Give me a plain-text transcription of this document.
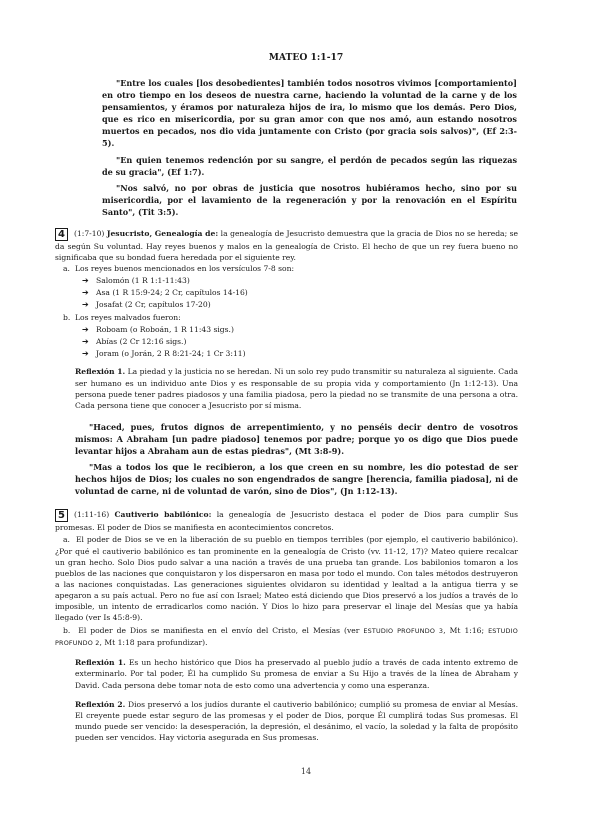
MATEO 1:1-17

"Entre los cuales [los desobedientes] también todos nosotros vivimos [comportamiento] en otro tiempo en los deseos de nuestra carne, haciendo la voluntad de la carne y de los pensamientos, y éramos por naturaleza hijos de ira, lo mismo que los demás. Pero Dios, que es rico en misericordia, por su gran amor con que nos amó, aun estando nosotros muertos en pecados, nos dio vida juntamente con Cristo (por gracia sois salvos)", (Ef 2:3-5).

"En quien tenemos redención por su sangre, el perdón de pecados según las riquezas de su gracia", (Ef 1:7).

"Nos salvó, no por obras de justicia que nosotros hubiéramos hecho, sino por su misericordia, por el lavamiento de la regeneración y por la renovación en el Espíritu Santo", (Tit 3:5).

4 (1:7-10) Jesucristo, Genealogía de: la genealogía de Jesucristo demuestra que la gracia de Dios no se hereda; se da según Su voluntad. Hay reyes buenos y malos en la genealogía de Cristo. El hecho de que un rey fuera bueno no significaba que su bondad fuera heredada por el siguiente rey.

a. Los reyes buenos mencionados en los versículos 7-8 son:
➔ Salomón (1 R 1:1-11:43)
➔ Asa (1 R 15:9-24; 2 Cr, capítulos 14-16)
➔ Josafat (2 Cr, capítulos 17-20)
b. Los reyes malvados fueron:
➔ Roboam (o Roboán, 1 R 11:43 sigs.)
➔ Abías (2 Cr 12:16 sigs.)
➔ Joram (o Jorán, 2 R 8:21-24; 1 Cr 3:11)

Reflexión 1. La piedad y la justicia no se heredan. Ni un solo rey pudo transmitir su naturaleza al siguiente. Cada ser humano es un individuo ante Dios y es responsable de su propia vida y comportamiento (Jn 1:12-13). Una persona puede tener padres piadosos y una familia piadosa, pero la piedad no se transmite de una persona a otra. Cada persona tiene que conocer a Jesucristo por sí misma.

"Haced, pues, frutos dignos de arrepentimiento, y no penséis decir dentro de vosotros mismos: A Abraham [un padre piadoso] tenemos por padre; porque yo os digo que Dios puede levantar hijos a Abraham aun de estas piedras", (Mt 3:8-9).

"Mas a todos los que le recibieron, a los que creen en su nombre, les dio potestad de ser hechos hijos de Dios; los cuales no son engendrados de sangre [herencia, familia piadosa], ni de voluntad de carne, ni de voluntad de varón, sino de Dios", (Jn 1:12-13).

5 (1:11-16) Cautiverio babilónico: la genealogía de Jesucristo destaca el poder de Dios para cumplir Sus promesas. El poder de Dios se manifiesta en acontecimientos concretos.

a. El poder de Dios se ve en la liberación de su pueblo en tiempos terribles (por ejemplo, el cautiverio babilónico). ¿Por qué el cautiverio babilónico es tan prominente en la genealogía de Cristo (vv. 11-12, 17)? Mateo quiere recalcar un gran hecho. Solo Dios pudo salvar a una nación a través de una prueba tan grande. Los babilonios tomaron a los pueblos de las naciones que conquistaron y los dispersaron en masa por todo el mundo. Con tales métodos destruyeron a las naciones conquistadas. Las generaciones siguientes olvidaron su identidad y lealtad a la antigua tierra y se apegaron a su país actual. Pero no fue así con Israel; Mateo está diciendo que Dios preservó a los judíos a través de lo imposible, un intento de erradicarlos como nación. Y Dios lo hizo para preservar el linaje del Mesías que ya había llegado (ver Is 45:8-9).

b. El poder de Dios se manifiesta en el envío del Cristo, el Mesías (ver ESTUDIO PROFUNDO 3, Mt 1:16; ESTUDIO PROFUNDO 2, Mt 1:18 para profundizar).

Reflexión 1. Es un hecho histórico que Dios ha preservado al pueblo judío a través de cada intento extremo de exterminarlo. Por tal poder, Él ha cumplido Su promesa de enviar a Su Hijo a través de la línea de Abraham y David. Cada persona debe tomar nota de esto como una advertencia y como una esperanza.

Reflexión 2. Dios preservó a los judíos durante el cautiverio babilónico; cumplió su promesa de enviar al Mesías. El creyente puede estar seguro de las promesas y el poder de Dios, porque Él cumplirá todas Sus promesas. El mundo puede ser vencido: la desesperación, la depresión, el desánimo, el vacío, la soledad y la falta de propósito pueden ser vencidos. Hay victoria asegurada en Sus promesas.

14
